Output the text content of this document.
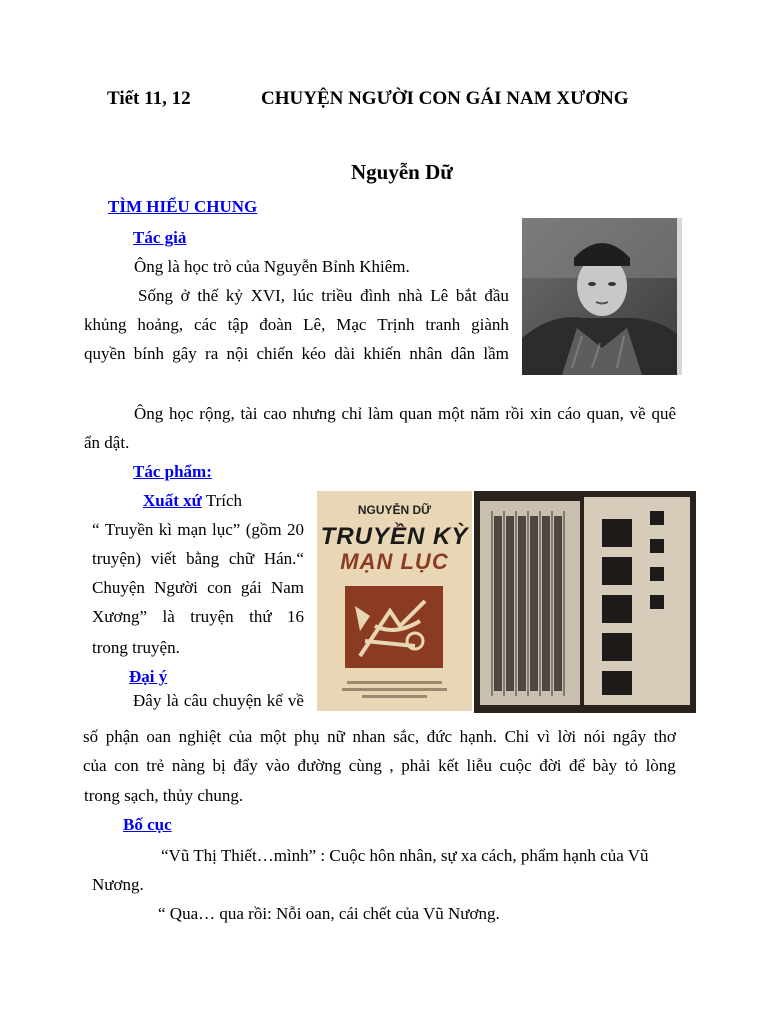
Tiết 11, 12	CHUYỆN NGƯỜI CON GÁI NAM XƯƠNG
Nguyễn Dữ
TÌM HIỂU CHUNG
Tác giả
Ông là học trò của Nguyễn Bỉnh Khiêm.
Sống ở thế kỷ XVI, lúc triều đình nhà Lê bắt đầu
khủng hoảng, các tập đoàn Lê, Mạc Trịnh tranh giành
quyền bính gây ra nội chiến kéo dài khiến nhân dân lầm
Ông học rộng, tài cao nhưng chỉ làm quan một năm rồi xin cáo quan, về quê
ẩn dật.
Tác phẩm:
Xuất xứ Trích
“ Truyền kì mạn lục” (gồm 20
truyện) viết bằng chữ Hán.“
Chuyện Người con gái Nam
Xương” là truyện thứ 16
trong truyện.
NGUYỄN DỮ
TRUYỀN KỲ
MẠN LỤC
Đại ý
Đây là câu chuyện kể về
số phận oan nghiệt của một phụ nữ nhan sắc, đức hạnh. Chỉ vì lời nói ngây thơ
của con trẻ nàng bị đẩy vào đường cùng , phải kết liễu cuộc đời để bày tỏ lòng
trong sạch, thủy chung.
Bố cục
“Vũ Thị Thiết…mình” : Cuộc hôn nhân, sự xa cách, phẩm hạnh của Vũ
Nương.
“ Qua… qua rồi: Nỗi oan, cái chết của Vũ Nương.
